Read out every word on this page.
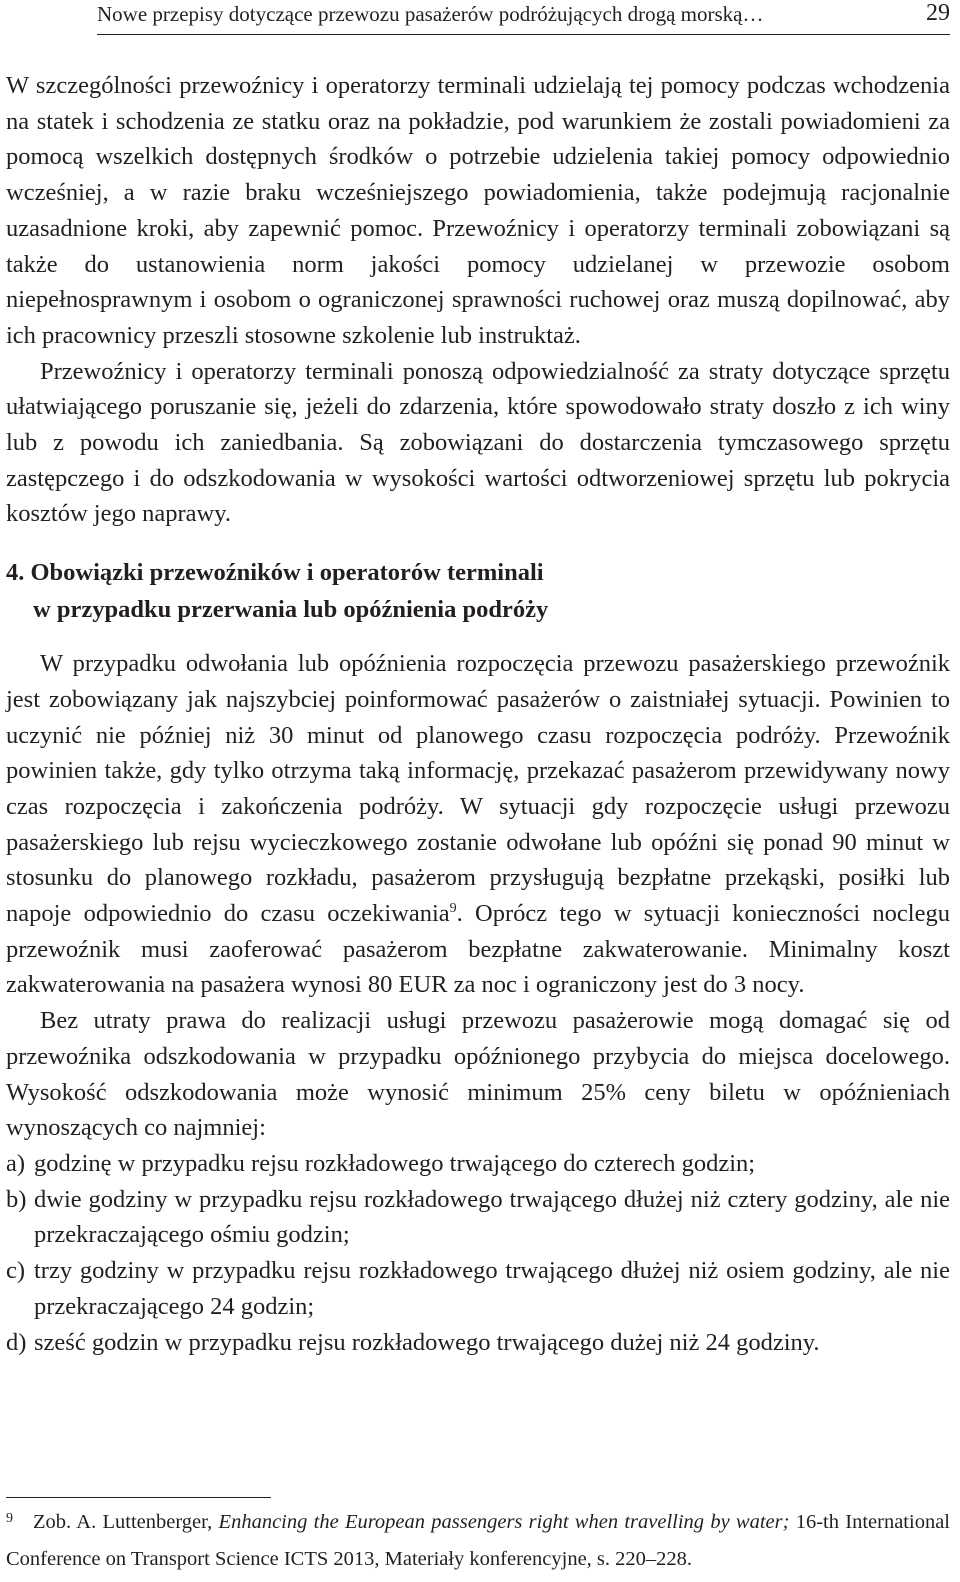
Nowe przepisy dotyczące przewozu pasażerów podróżujących drogą morską…	29

W szczególności przewoźnicy i operatorzy terminali udzielają tej pomocy podczas wchodzenia na statek i schodzenia ze statku oraz na pokładzie, pod warunkiem że zostali powiadomieni za pomocą wszelkich dostępnych środków o potrzebie udzielenia takiej pomocy odpowiednio wcześniej, a w razie braku wcześniejszego powiadomienia, także podejmują racjonalnie uzasadnione kroki, aby zapewnić pomoc. Przewoźnicy i operatorzy terminali zobowiązani są także do ustanowienia norm jakości pomocy udzielanej w przewozie osobom niepełnosprawnym i osobom o ograniczonej sprawności ruchowej oraz muszą dopilnować, aby ich pracownicy przeszli stosowne szkolenie lub instruktaż.

Przewoźnicy i operatorzy terminali ponoszą odpowiedzialność za straty dotyczące sprzętu ułatwiającego poruszanie się, jeżeli do zdarzenia, które spowodowało straty doszło z ich winy lub z powodu ich zaniedbania. Są zobowiązani do dostarczenia tymczasowego sprzętu zastępczego i do odszkodowania w wysokości wartości odtworzeniowej sprzętu lub pokrycia kosztów jego naprawy.

4. Obowiązki przewoźników i operatorów terminali
w przypadku przerwania lub opóźnienia podróży

W przypadku odwołania lub opóźnienia rozpoczęcia przewozu pasażerskiego przewoźnik jest zobowiązany jak najszybciej poinformować pasażerów o zaistniałej sytuacji. Powinien to uczynić nie później niż 30 minut od planowego czasu rozpoczęcia podróży. Przewoźnik powinien także, gdy tylko otrzyma taką informację, przekazać pasażerom przewidywany nowy czas rozpoczęcia i zakończenia podróży. W sytuacji gdy rozpoczęcie usługi przewozu pasażerskiego lub rejsu wycieczkowego zostanie odwołane lub opóźni się ponad 90 minut w stosunku do planowego rozkładu, pasażerom przysługują bezpłatne przekąski, posiłki lub napoje odpowiednio do czasu oczekiwania$^9$. Oprócz tego w sytuacji konieczności noclegu przewoźnik musi zaoferować pasażerom bezpłatne zakwaterowanie. Minimalny koszt zakwaterowania na pasażera wynosi 80 EUR za noc i ograniczony jest do 3 nocy.

Bez utraty prawa do realizacji usługi przewozu pasażerowie mogą domagać się od przewoźnika odszkodowania w przypadku opóźnionego przybycia do miejsca docelowego. Wysokość odszkodowania może wynosić minimum 25% ceny biletu w opóźnieniach wynoszących co najmniej:

a) godzinę w przypadku rejsu rozkładowego trwającego do czterech godzin;
b) dwie godziny w przypadku rejsu rozkładowego trwającego dłużej niż cztery godziny, ale nie przekraczającego ośmiu godzin;
c) trzy godziny w przypadku rejsu rozkładowego trwającego dłużej niż osiem godziny, ale nie przekraczającego 24 godzin;
d) sześć godzin w przypadku rejsu rozkładowego trwającego dużej niż 24 godziny.

$^9$ Zob. A. Luttenberger, Enhancing the European passengers right when travelling by water; 16-th International Conference on Transport Science ICTS 2013, Materiały konferencyjne, s. 220–228.
